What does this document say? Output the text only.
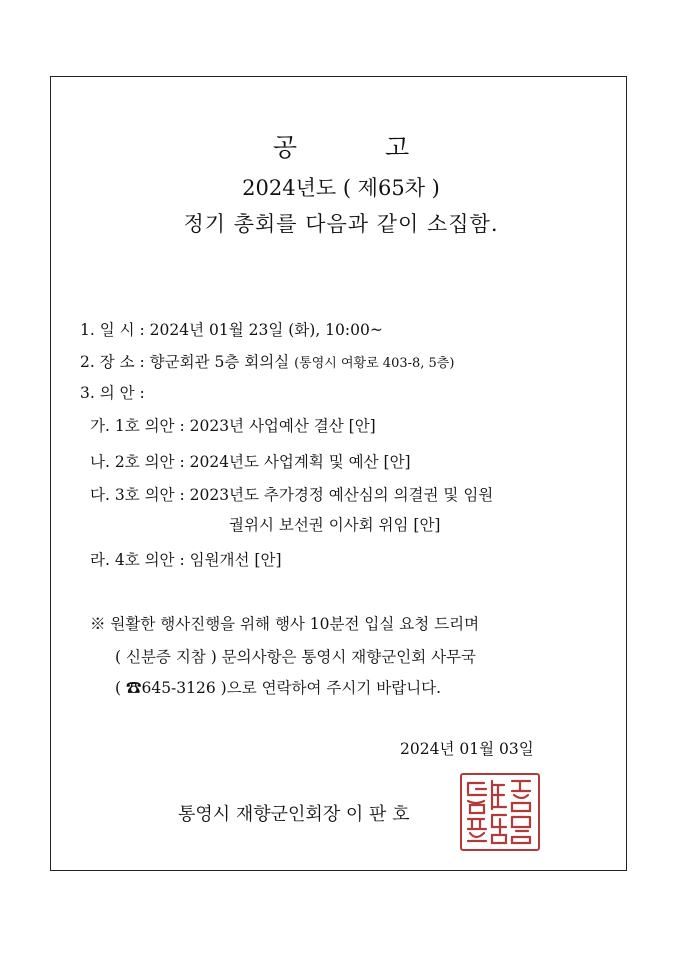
공	고
2024년도 ( 제65차 )
정기 총회를 다음과 같이 소집함.
1. 일 시 : 2024년 01월 23일 (화), 10:00~
2. 장 소 : 향군회관 5층 회의실 (통영시 여황로 403-8, 5층)
3. 의 안 :
가. 1호 의안 : 2023년 사업예산 결산 [안]
나. 2호 의안 : 2024년도 사업계획 및 예산 [안]
다. 3호 의안 : 2023년도 추가경정 예산심의 의결권 및 임원
궐위시 보선권 이사회 위임 [안]
라. 4호 의안 : 임원개선 [안]
※ 원활한 행사진행을 위해 행사 10분전 입실 요청 드리며
( 신분증 지참 ) 문의사항은 통영시 재향군인회 사무국
( ☎645-3126 )으로 연락하여 주시기 바랍니다.
2024년 01월 03일
통영시 재향군인회장 이 판 호
